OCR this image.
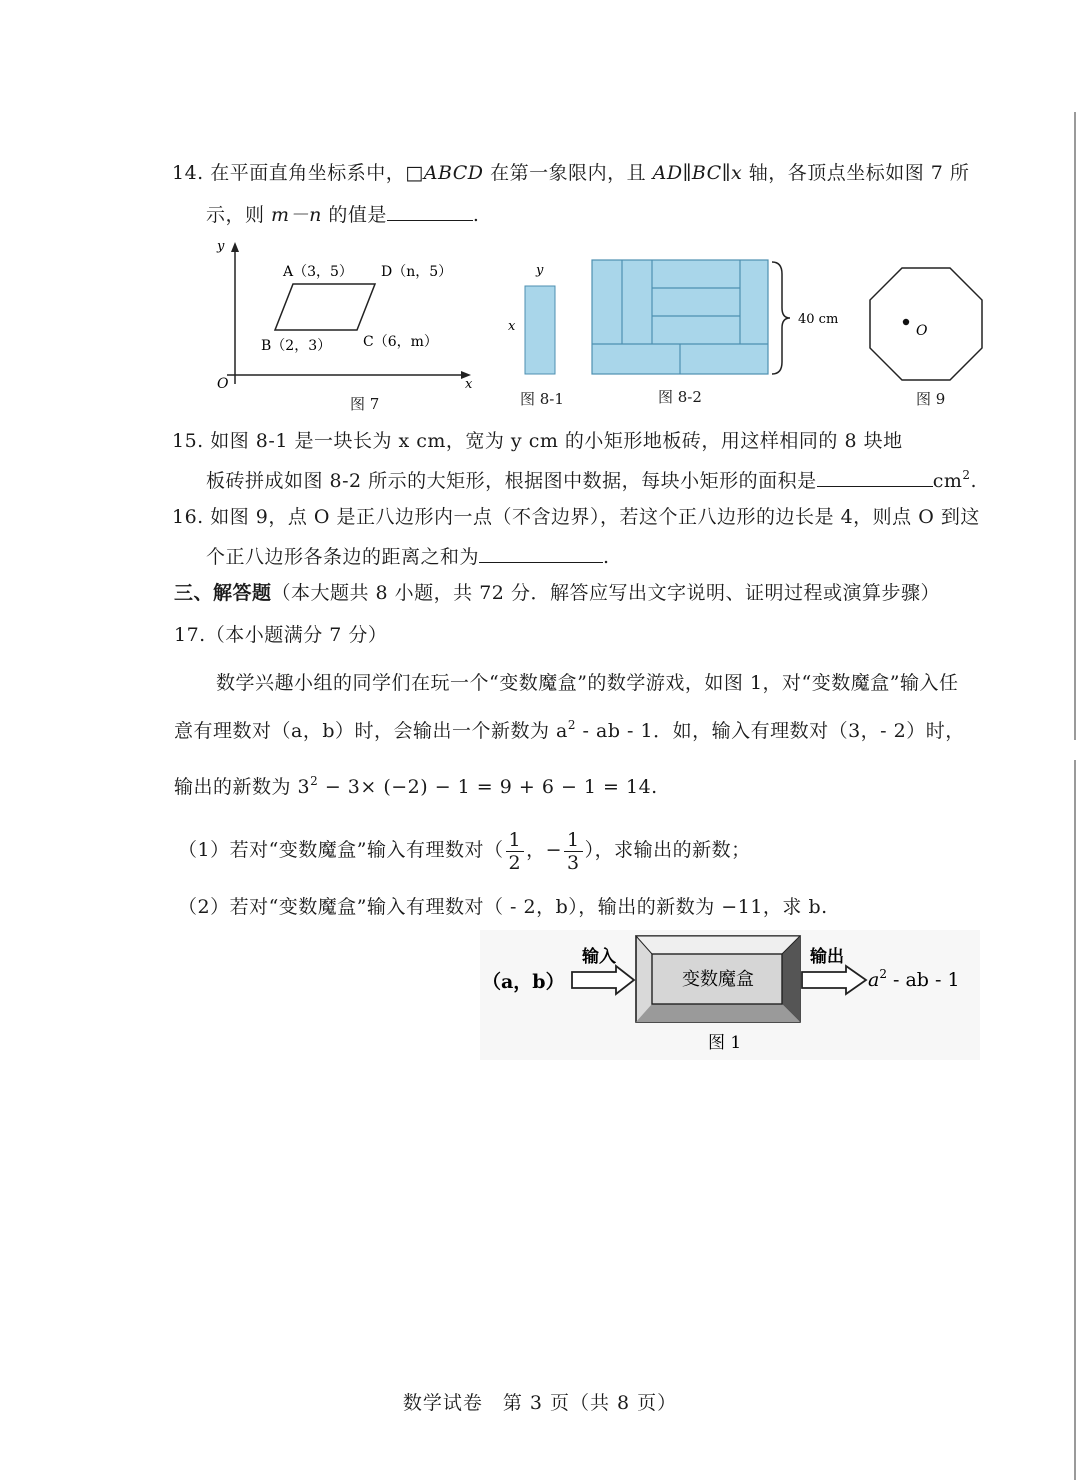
14. 在平面直角坐标系中，□ABCD 在第一象限内，且 AD∥BC∥x 轴，各顶点坐标如图 7 所
示，则 m－n 的值是	.
y
x
O
A（3，5） D（n，5）
B（2，3） C（6，m）
图 7
y
x
图 8-1
40 cm
图 8-2
O
图 9
15. 如图 8-1 是一块长为 x cm，宽为 y cm 的小矩形地板砖，用这样相同的 8 块地
板砖拼成如图 8-2 所示的大矩形，根据图中数据，每块小矩形的面积是	$cm^2$.
16. 如图 9，点 O 是正八边形内一点（不含边界），若这个正八边形的边长是 4，则点 O 到这
个正八边形各条边的距离之和为	.
三、解答题（本大题共 8 小题，共 72 分．解答应写出文字说明、证明过程或演算步骤）
17.（本小题满分 7 分）
数学兴趣小组的同学们在玩一个“变数魔盒”的数学游戏，如图 1，对“变数魔盒”输入任
意有理数对（a，b）时，会输出一个新数为 $a^2$ - ab - 1．如，输入有理数对（3，- 2）时，
输出的新数为 $3^2 - 3\times (-2) - 1 = 9 + 6 - 1 = 14$.
（1）若对“变数魔盒”输入有理数对（ $\frac{1}{2}$ ，− $\frac{1}{3}$ ），求输出的新数；
（2）若对“变数魔盒”输入有理数对（ - 2，b），输出的新数为 −11，求 b.
（a，b）
输入
变数魔盒
输出
$a^2$ - ab - 1
图 1
数学试卷　第 3 页（共 8 页）
